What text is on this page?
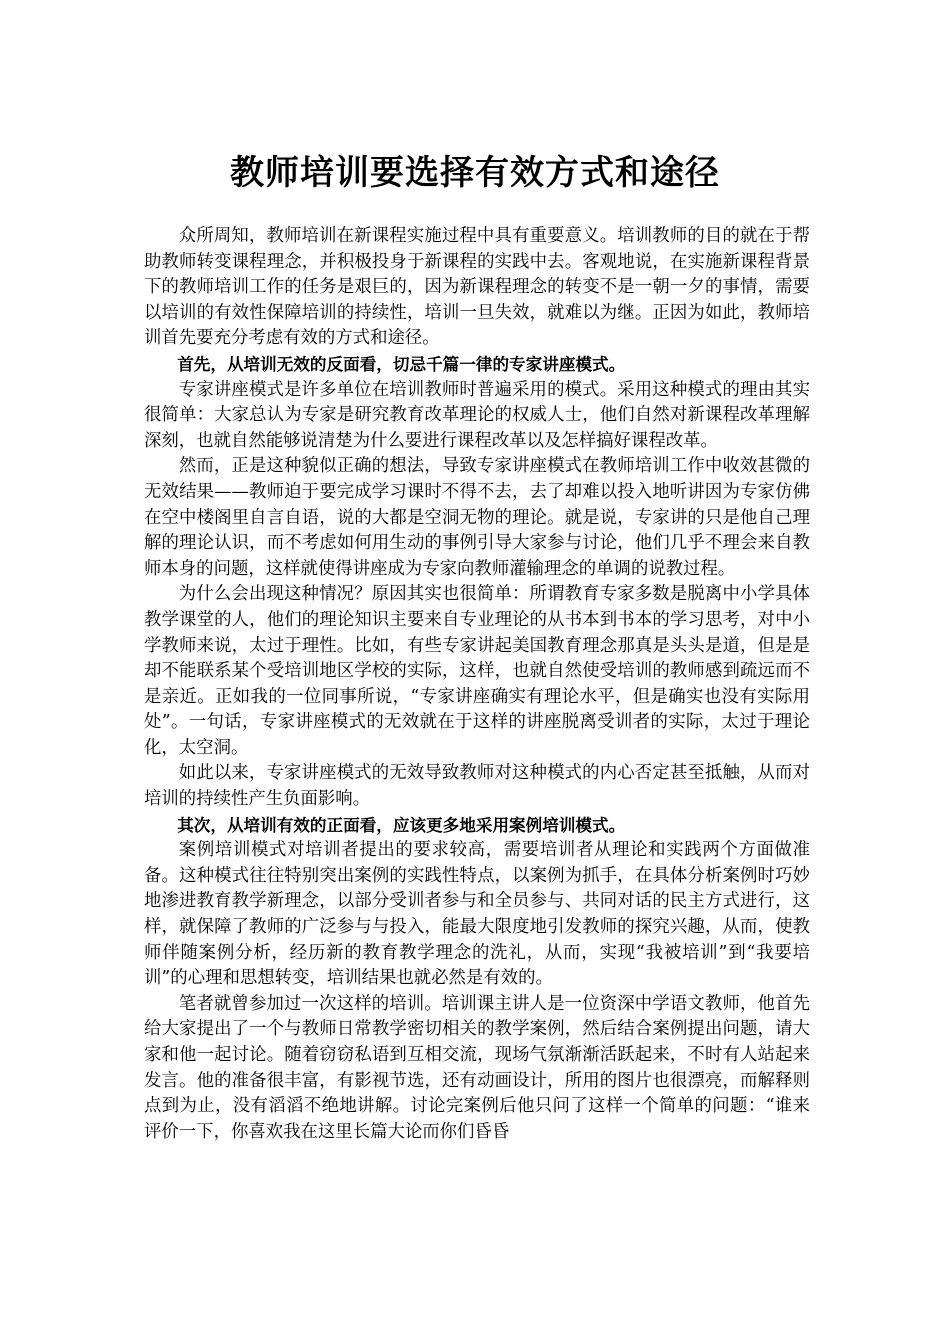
教师培训要选择有效方式和途径

众所周知，教师培训在新课程实施过程中具有重要意义。培训教师的目的就在于帮助教师转变课程理念，并积极投身于新课程的实践中去。客观地说，在实施新课程背景下的教师培训工作的任务是艰巨的，因为新课程理念的转变不是一朝一夕的事情，需要以培训的有效性保障培训的持续性，培训一旦失效，就难以为继。正因为如此，教师培训首先要充分考虑有效的方式和途径。

首先，从培训无效的反面看，切忌千篇一律的专家讲座模式。

专家讲座模式是许多单位在培训教师时普遍采用的模式。采用这种模式的理由其实很简单：大家总认为专家是研究教育改革理论的权威人士，他们自然对新课程改革理解深刻，也就自然能够说清楚为什么要进行课程改革以及怎样搞好课程改革。

然而，正是这种貌似正确的想法，导致专家讲座模式在教师培训工作中收效甚微的无效结果——教师迫于要完成学习课时不得不去，去了却难以投入地听讲因为专家仿佛在空中楼阁里自言自语，说的大都是空洞无物的理论。就是说，专家讲的只是他自己理解的理论认识，而不考虑如何用生动的事例引导大家参与讨论，他们几乎不理会来自教师本身的问题，这样就使得讲座成为专家向教师灌输理念的单调的说教过程。

为什么会出现这种情况？原因其实也很简单：所谓教育专家多数是脱离中小学具体教学课堂的人，他们的理论知识主要来自专业理论的从书本到书本的学习思考，对中小学教师来说，太过于理性。比如，有些专家讲起美国教育理念那真是头头是道，但是是却不能联系某个受培训地区学校的实际，这样，也就自然使受培训的教师感到疏远而不是亲近。正如我的一位同事所说，“专家讲座确实有理论水平，但是确实也没有实际用处”。一句话，专家讲座模式的无效就在于这样的讲座脱离受训者的实际，太过于理论化，太空洞。

如此以来，专家讲座模式的无效导致教师对这种模式的内心否定甚至抵触，从而对培训的持续性产生负面影响。

其次，从培训有效的正面看，应该更多地采用案例培训模式。

案例培训模式对培训者提出的要求较高，需要培训者从理论和实践两个方面做准备。这种模式往往特别突出案例的实践性特点，以案例为抓手，在具体分析案例时巧妙地渗进教育教学新理念，以部分受训者参与和全员参与、共同对话的民主方式进行，这样，就保障了教师的广泛参与与投入，能最大限度地引发教师的探究兴趣，从而，使教师伴随案例分析，经历新的教育教学理念的洗礼，从而，实现“我被培训”到“我要培训”的心理和思想转变，培训结果也就必然是有效的。

笔者就曾参加过一次这样的培训。培训课主讲人是一位资深中学语文教师，他首先给大家提出了一个与教师日常教学密切相关的教学案例，然后结合案例提出问题，请大家和他一起讨论。随着窃窃私语到互相交流，现场气氛渐渐活跃起来，不时有人站起来发言。他的准备很丰富，有影视节选，还有动画设计，所用的图片也很漂亮，而解释则点到为止，没有滔滔不绝地讲解。讨论完案例后他只问了这样一个简单的问题：“谁来评价一下，你喜欢我在这里长篇大论而你们昏昏
